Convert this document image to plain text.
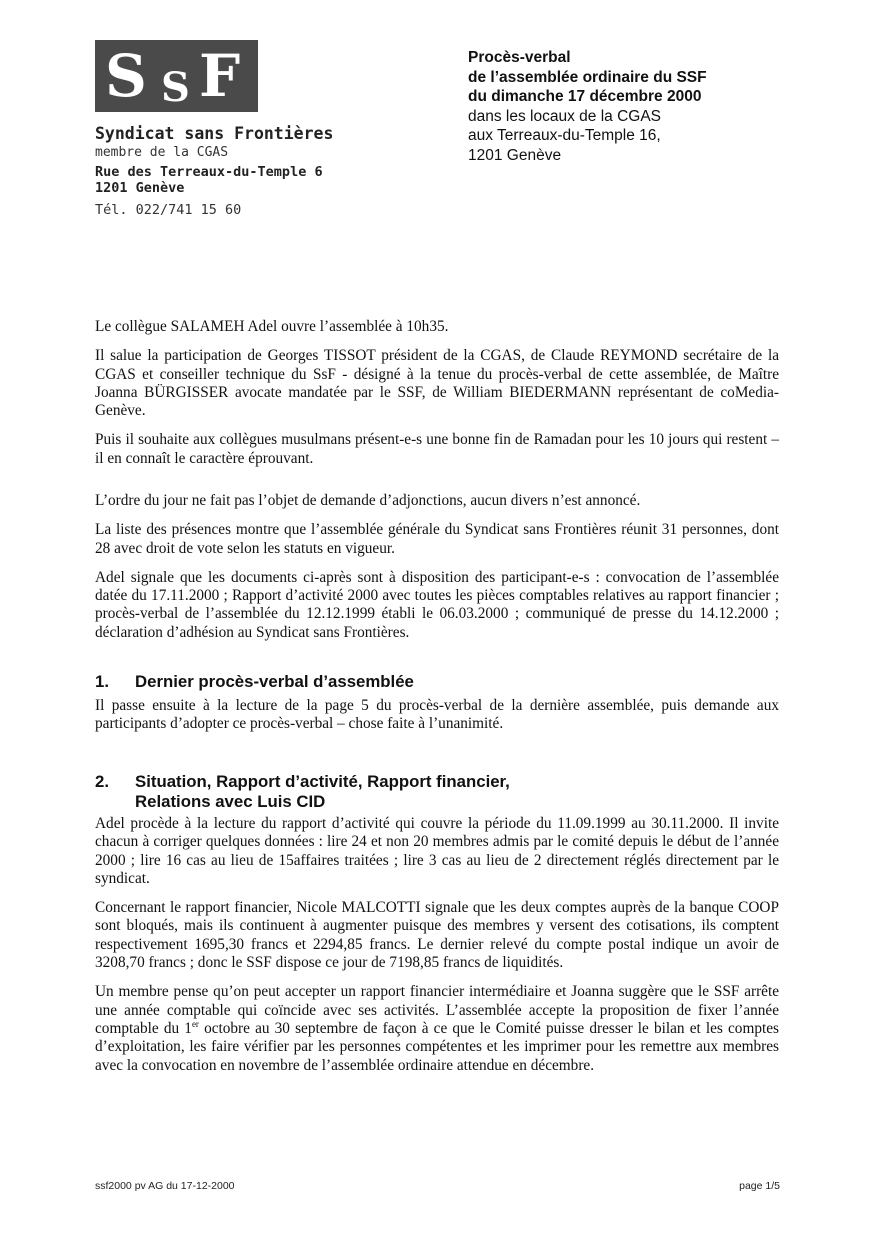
S S F
Syndicat sans Frontières
membre de la CGAS
Rue des Terreaux-du-Temple 6
1201 Genève
Tél. 022/741 15 60
Procès-verbal
de l’assemblée ordinaire du SSF
du dimanche 17 décembre 2000
dans les locaux de la CGAS
aux Terreaux-du-Temple 16,
1201 Genève

Le collègue SALAMEH Adel ouvre l’assemblée à 10h35.

Il salue la participation de Georges TISSOT président de la CGAS, de Claude REYMOND secrétaire de la CGAS et conseiller technique du SsF - désigné à la tenue du procès-verbal de cette assemblée, de Maître Joanna BÜRGISSER avocate mandatée par le SSF, de William BIEDERMANN représentant de coMedia-Genève.

Puis il souhaite aux collègues musulmans présent-e-s une bonne fin de Ramadan pour les 10 jours qui restent – il en connaît le caractère éprouvant.

L’ordre du jour ne fait pas l’objet de demande d’adjonctions, aucun divers n’est annoncé.

La liste des présences montre que l’assemblée générale du Syndicat sans Frontières réunit 31 personnes, dont 28 avec droit de vote selon les statuts en vigueur.

Adel signale que les documents ci-après sont à disposition des participant-e-s : convocation de l’assemblée datée du 17.11.2000 ; Rapport d’activité 2000 avec toutes les pièces comptables relatives au rapport financier ; procès-verbal de l’assemblée du 12.12.1999 établi le 06.03.2000 ; communiqué de presse du 14.12.2000 ; déclaration d’adhésion au Syndicat sans Frontières.

1.	Dernier procès-verbal d’assemblée

Il passe ensuite à la lecture de la page 5 du procès-verbal de la dernière assemblée, puis demande aux participants d’adopter ce procès-verbal – chose faite à l’unanimité.

2.	Situation, Rapport d’activité, Rapport financier,
Relations avec Luis CID

Adel procède à la lecture du rapport d’activité qui couvre la période du 11.09.1999 au 30.11.2000. Il invite chacun à corriger quelques données : lire 24 et non 20 membres admis par le comité depuis le début de l’année 2000 ; lire 16 cas au lieu de 15affaires traitées ; lire 3 cas au lieu de 2 directement réglés directement par le syndicat.

Concernant le rapport financier, Nicole MALCOTTI signale que les deux comptes auprès de la banque COOP sont bloqués, mais ils continuent à augmenter puisque des membres y versent des cotisations, ils comptent respectivement 1695,30 francs et 2294,85 francs. Le dernier relevé du compte postal indique un avoir de 3208,70 francs ; donc le SSF dispose ce jour de 7198,85 francs de liquidités.

Un membre pense qu’on peut accepter un rapport financier intermédiaire et Joanna suggère que le SSF arrête une année comptable qui coïncide avec ses activités. L’assemblée accepte la proposition de fixer l’année comptable du 1er octobre au 30 septembre de façon à ce que le Comité puisse dresser le bilan et les comptes d’exploitation, les faire vérifier par les personnes compétentes et les imprimer pour les remettre aux membres avec la convocation en novembre de l’assemblée ordinaire attendue en décembre.

ssf2000 pv AG du 17-12-2000	page 1/5
